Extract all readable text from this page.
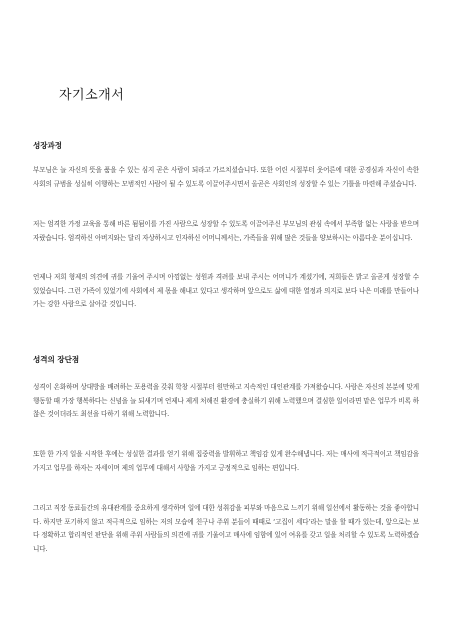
자기소개서
성장과정

부모님은 늘 자신의 뜻을 품을 수 있는 심지 곧은 사람이 되라고 가르치셨습니다. 또한 어린 시절부터 웃어른에 대한 공경심과 자신이 속한 사회의 규범을 성실히 이행하는 모범적인 사람이 될 수 있도록 이끌어주시면서 올곧은 사회인의 성장할 수 있는 기틀을 마련해 주셨습니다.

저는 엄격한 가정 교육을 통해 바른 됨됨이를 가진 사람으로 성장할 수 있도록 이끌어주신 부모님의 관심 속에서 부족함 없는 사랑을 받으며 자랐습니다. 엄격하신 아버지와는 달리 자상하시고 인자하신 어머니께서는, 가족들을 위해 많은 것들을 양보하시는 아름다운 분이십니다.

언제나 저희 형제의 의견에 귀를 기울여 주시며 아낌없는 성원과 격려를 보내 주시는 어머니가 계셨기에, 저희들은 밝고 올곧게 성장할 수 있었습니다. 그런 가족이 있었기에 사회에서 제 몫을 해내고 있다고 생각하며 앞으로도 삶에 대한 열정과 의지로 보다 나은 미래를 만들어나가는 강한 사람으로 살아갈 것입니다.

성격의 장단점

성격이 온화하며 상대방을 배려하는 포용력을 갖춰 학창 시절부터 원만하고 지속적인 대인관계를 가져왔습니다. 사람은 자신의 본분에 맞게 행동할 때 가장 행복하다는 신념을 늘 되새기며 언제나 제게 처해진 환경에 충실하기 위해 노력했으며 결심한 일이라면 맡은 업무가 비록 하찮은 것이더라도 최선을 다하기 위해 노력합니다.

또한 한 가지 일을 시작한 후에는 성실한 결과를 얻기 위해 집중력을 발휘하고 책임감 있게 완수해냅니다. 저는 매사에 적극적이고 책임감을 가지고 업무를 하자는 자세이며 제의 업무에 대해서 사항을 가지고 긍정적으로 임하는 편입니다.

그리고 직장 동료들간의 유대관계를 중요하게 생각하며 일에 대한 성취감을 피부와 마음으로 느끼기 위해 일선에서 활동하는 것을 좋아합니다. 하지만 포기하지 않고 적극적으로 임하는 저의 모습에 친구나 주위 분들이 때때로 ‘고집이 세다’라는 말을 할 때가 있는데, 앞으로는 보다 정확하고 합리적인 판단을 위해 주위 사람들의 의견에 귀를 기울이고 매사에 임함에 있어 여유를 갖고 일을 처리할 수 있도록 노력하겠습니다.
